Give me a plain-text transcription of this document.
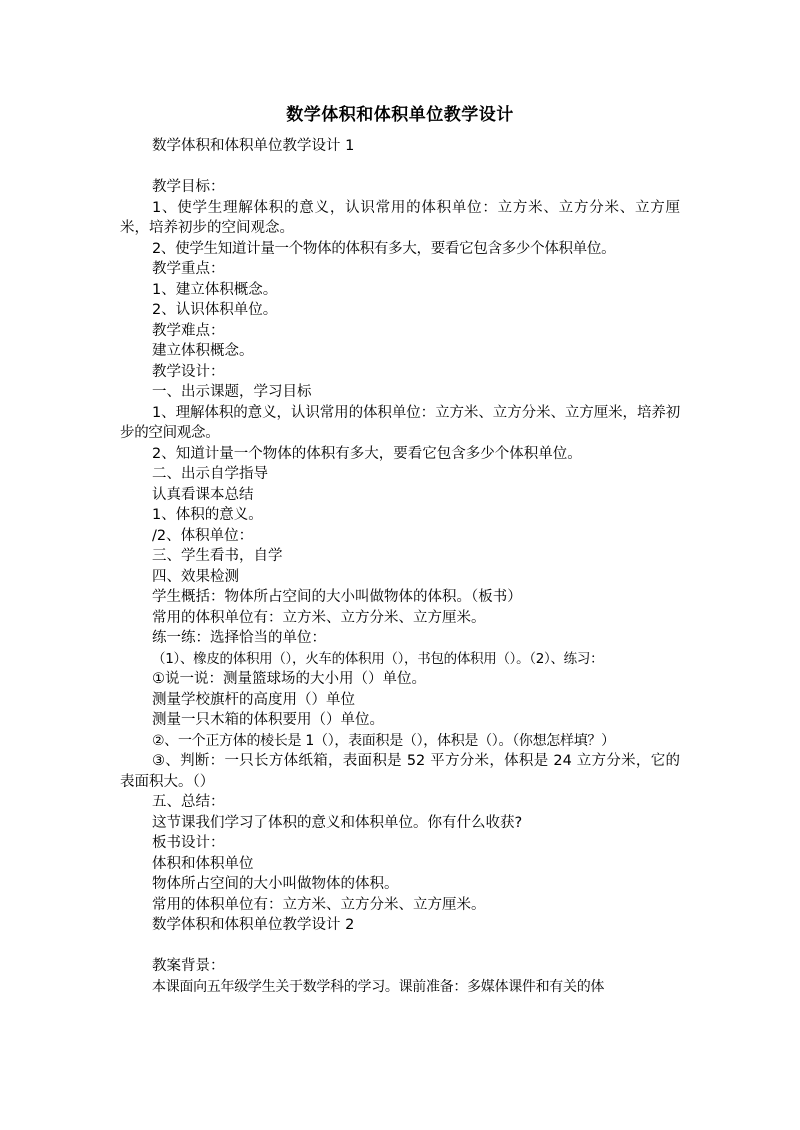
数学体积和体积单位教学设计

数学体积和体积单位教学设计 1

教学目标：

1、使学生理解体积的意义，认识常用的体积单位：立方米、立方分米、立方厘米，培养初步的空间观念。

2、使学生知道计量一个物体的体积有多大，要看它包含多少个体积单位。

教学重点：

1、建立体积概念。

2、认识体积单位。

教学难点：

建立体积概念。

教学设计：

一、出示课题，学习目标

1、理解体积的意义，认识常用的体积单位：立方米、立方分米、立方厘米，培养初步的空间观念。

2、知道计量一个物体的体积有多大，要看它包含多少个体积单位。

二、出示自学指导

认真看课本总结

1、体积的意义。

/2、体积单位：

三、学生看书，自学

四、效果检测

学生概括：物体所占空间的大小叫做物体的体积。（板书）

常用的体积单位有：立方米、立方分米、立方厘米。

练一练：选择恰当的单位：

（1）、橡皮的体积用（），火车的体积用（），书包的体积用（）。（2）、练习：

①说一说：测量篮球场的大小用（）单位。

测量学校旗杆的高度用（）单位

测量一只木箱的体积要用（）单位。

②、一个正方体的棱长是 1（），表面积是（），体积是（）。（你想怎样填？）

③、判断：一只长方体纸箱，表面积是 52 平方分米，体积是 24 立方分米，它的表面积大。（）

五、总结：

这节课我们学习了体积的意义和体积单位。你有什么收获?

板书设计：

体积和体积单位

物体所占空间的大小叫做物体的体积。

常用的体积单位有：立方米、立方分米、立方厘米。

数学体积和体积单位教学设计 2

教案背景：

本课面向五年级学生关于数学科的学习。课前准备：多媒体课件和有关的体
